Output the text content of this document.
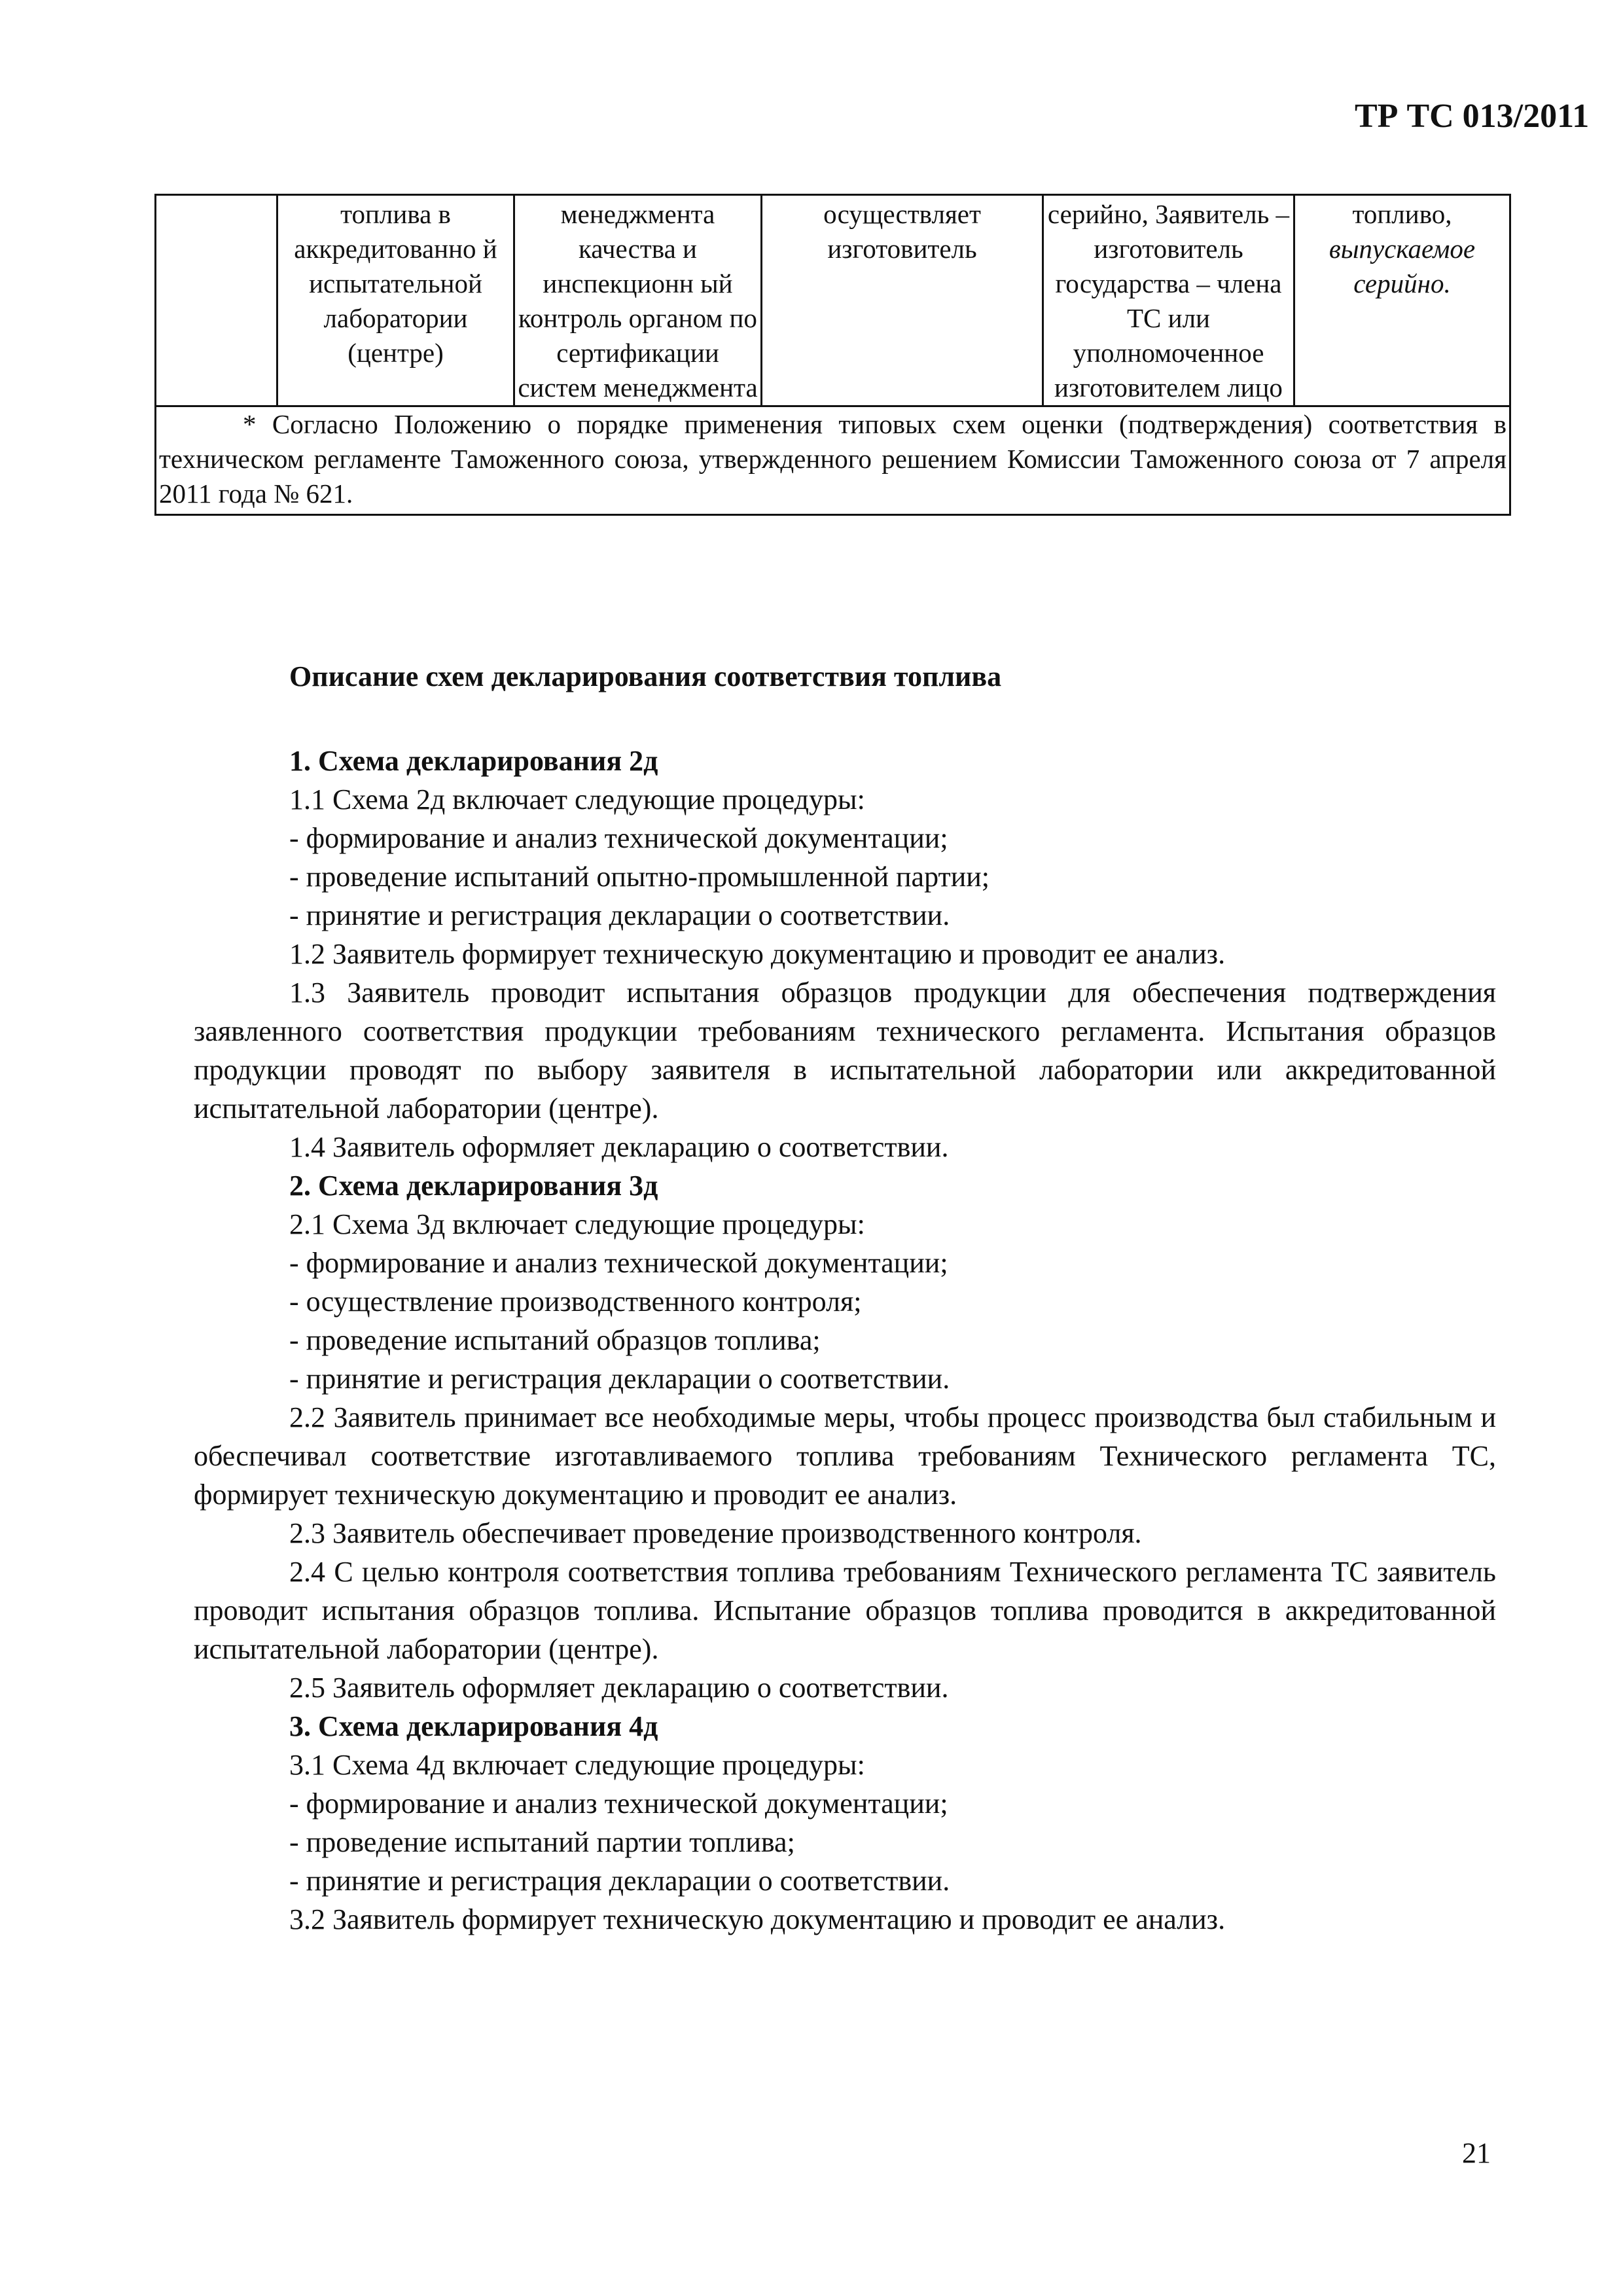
ТР ТС 013/2011
	топлива в аккредитованно й испытательной лаборатории (центре)	менеджмента качества и инспекционн ый контроль органом по сертификации систем менеджмента	осуществляет изготовитель	серийно, Заявитель – изготовитель государства – члена ТС или уполномоченное изготовителем лицо	топливо,
выпускаемое серийно.
* Согласно Положению о порядке применения типовых схем оценки (подтверждения) соответствия в техническом регламенте Таможенного союза, утвержденного решением Комиссии Таможенного союза от 7 апреля 2011 года № 621.

Описание схем декларирования соответствия топлива

1. Схема декларирования 2д

1.1 Схема 2д включает следующие процедуры:

- формирование и анализ технической документации;

- проведение испытаний опытно-промышленной партии;

- принятие и регистрация декларации о соответствии.

1.2 Заявитель формирует техническую документацию и проводит ее анализ.

1.3 Заявитель проводит испытания образцов продукции для обеспечения подтверждения заявленного соответствия продукции требованиям технического регламента. Испытания образцов продукции проводят по выбору заявителя в испытательной лаборатории или аккредитованной испытательной лаборатории (центре).

1.4 Заявитель оформляет декларацию о соответствии.

2. Схема декларирования 3д

2.1 Схема 3д включает следующие процедуры:

- формирование и анализ технической документации;

- осуществление производственного контроля;

- проведение испытаний образцов топлива;

- принятие и регистрация декларации о соответствии.

2.2 Заявитель принимает все необходимые меры, чтобы процесс производства был стабильным и обеспечивал соответствие изготавливаемого топлива требованиям Технического регламента ТС, формирует техническую документацию и проводит ее анализ.

2.3 Заявитель обеспечивает проведение производственного контроля.

2.4 С целью контроля соответствия топлива требованиям Технического регламента ТС заявитель проводит испытания образцов топлива. Испытание образцов топлива проводится в аккредитованной испытательной лаборатории (центре).

2.5 Заявитель оформляет декларацию о соответствии.

3. Схема декларирования 4д

3.1 Схема 4д включает следующие процедуры:

- формирование и анализ технической документации;

- проведение испытаний партии топлива;

- принятие и регистрация декларации о соответствии.

3.2 Заявитель формирует техническую документацию и проводит ее анализ.

21
